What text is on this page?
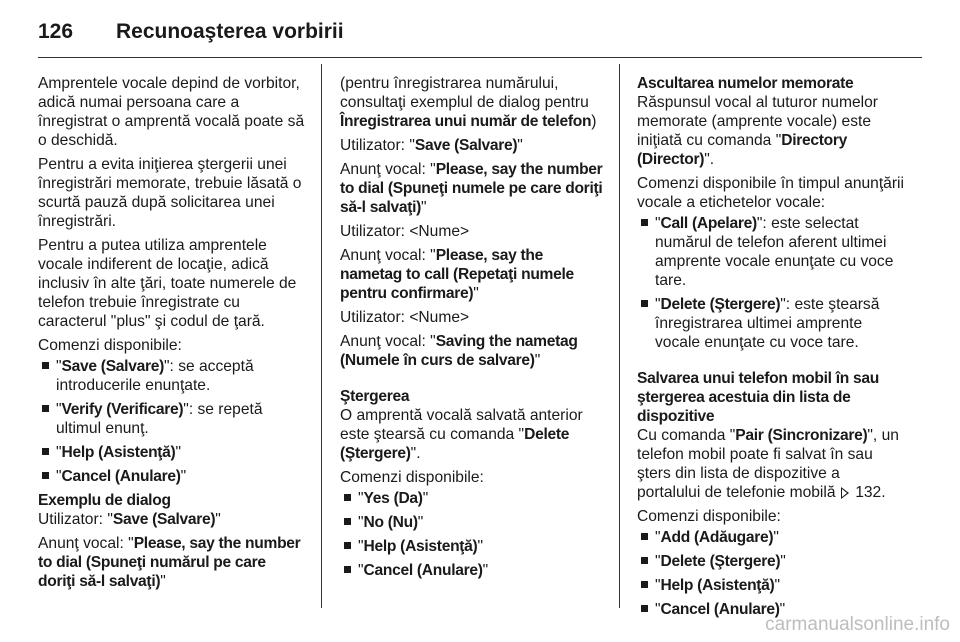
126	Recunoaşterea vorbirii

Amprentele vocale depind de vorbitor, adică numai persoana care a înregistrat o amprentă vocală poate să o deschidă.

Pentru a evita iniţierea ştergerii unei înregistrări memorate, trebuie lăsată o scurtă pauză după solicitarea unei înregistrări.

Pentru a putea utiliza amprentele vocale indiferent de locaţie, adică inclusiv în alte ţări, toate numerele de telefon trebuie înregistrate cu caracterul "plus" şi codul de ţară.

Comenzi disponibile:

"Save (Salvare)": se acceptă introducerile enunţate.
"Verify (Verificare)": se repetă ultimul enunţ.
"Help (Asistenţă)"
"Cancel (Anulare)"
Exemplu de dialog

Utilizator: "Save (Salvare)"

Anunţ vocal: "Please, say the number to dial (Spuneţi numărul pe care doriţi să-l salvaţi)"

(pentru înregistrarea numărului, consultaţi exemplul de dialog pentru Înregistrarea unui număr de telefon)

Utilizator: "Save (Salvare)"

Anunţ vocal: "Please, say the number to dial (Spuneţi numele pe care doriţi să-l salvaţi)"

Utilizator: <Nume>

Anunţ vocal: "Please, say the nametag to call (Repetaţi numele pentru confirmare)"

Utilizator: <Nume>

Anunţ vocal: "Saving the nametag (Numele în curs de salvare)"

Ştergerea

O amprentă vocală salvată anterior este ştearsă cu comanda "Delete (Ştergere)".

Comenzi disponibile:

"Yes (Da)"
"No (Nu)"
"Help (Asistenţă)"
"Cancel (Anulare)"
Ascultarea numelor memorate

Răspunsul vocal al tuturor numelor memorate (amprente vocale) este iniţiată cu comanda "Directory (Director)".

Comenzi disponibile în timpul anunţării vocale a etichetelor vocale:

"Call (Apelare)": este selectat numărul de telefon aferent ultimei amprente vocale enunţate cu voce tare.
"Delete (Ştergere)": este ştearsă înregistrarea ultimei amprente vocale enunţate cu voce tare.
Salvarea unui telefon mobil în sau ştergerea acestuia din lista de dispozitive

Cu comanda "Pair (Sincronizare)", un telefon mobil poate fi salvat în sau şters din lista de dispozitive a portalului de telefonie mobilă  132.

Comenzi disponibile:

"Add (Adăugare)"
"Delete (Ştergere)"
"Help (Asistenţă)"
"Cancel (Anulare)"
carmanualsonline.info
